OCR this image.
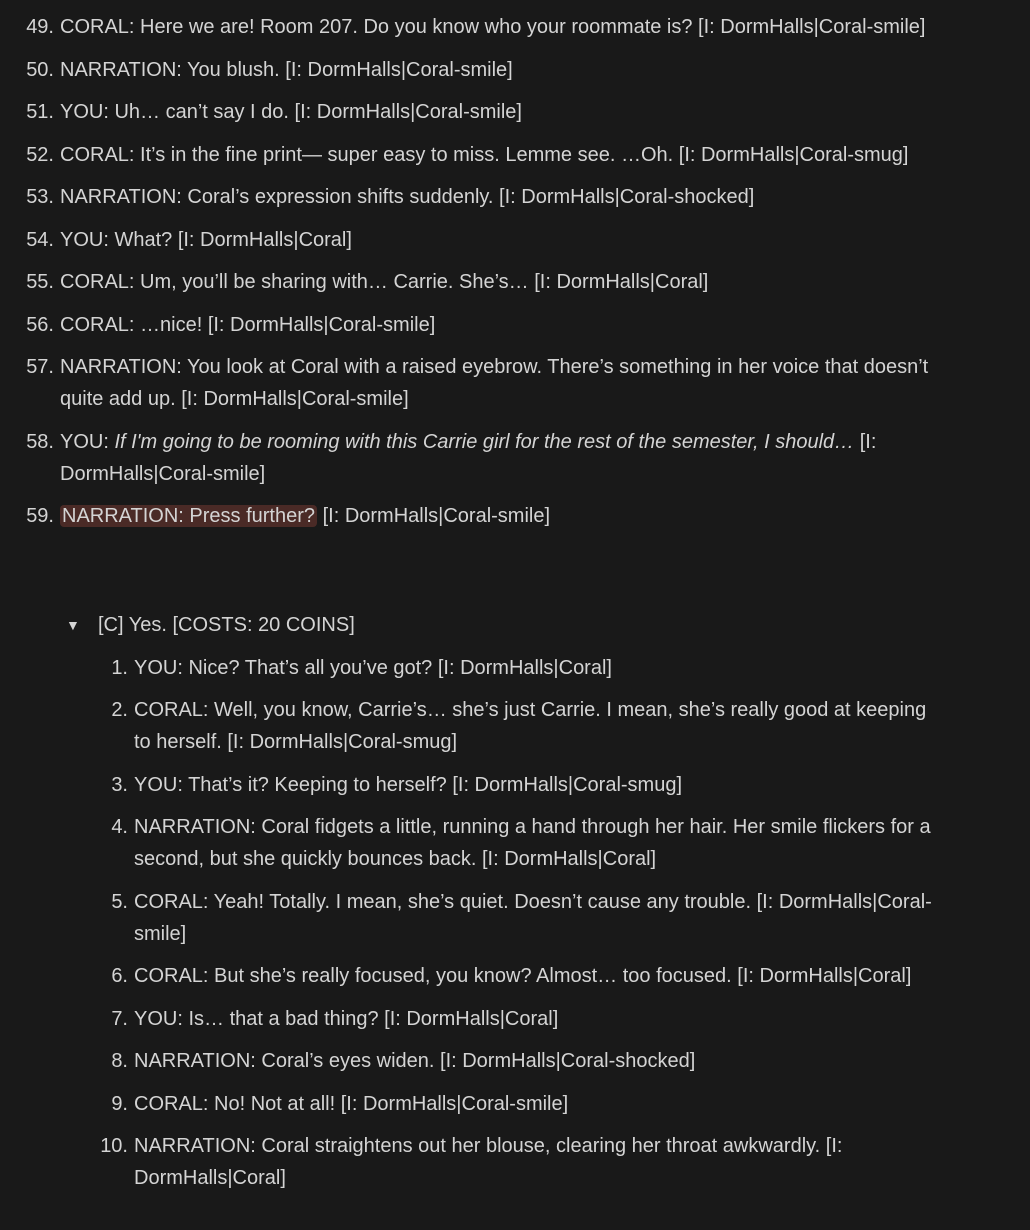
49. CORAL: Here we are! Room 207. Do you know who your roommate is? [I: DormHalls|Coral-smile]
50. NARRATION: You blush. [I: DormHalls|Coral-smile]
51. YOU: Uh… can’t say I do. [I: DormHalls|Coral-smile]
52. CORAL: It’s in the fine print— super easy to miss. Lemme see. …Oh. [I: DormHalls|Coral-smug]
53. NARRATION: Coral’s expression shifts suddenly. [I: DormHalls|Coral-shocked]
54. YOU: What? [I: DormHalls|Coral]
55. CORAL: Um, you’ll be sharing with… Carrie. She’s… [I: DormHalls|Coral]
56. CORAL: …nice! [I: DormHalls|Coral-smile]
57. NARRATION: You look at Coral with a raised eyebrow. There’s something in her voice that doesn’t quite add up. [I: DormHalls|Coral-smile]
58. YOU: If I'm going to be rooming with this Carrie girl for the rest of the semester, I should… [I: DormHalls|Coral-smile]
59. NARRATION: Press further? [I: DormHalls|Coral-smile]
▼ [C] Yes. [COSTS: 20 COINS]
1. YOU: Nice? That’s all you’ve got? [I: DormHalls|Coral]
2. CORAL: Well, you know, Carrie’s… she’s just Carrie. I mean, she’s really good at keeping to herself. [I: DormHalls|Coral-smug]
3. YOU: That’s it? Keeping to herself? [I: DormHalls|Coral-smug]
4. NARRATION: Coral fidgets a little, running a hand through her hair. Her smile flickers for a second, but she quickly bounces back. [I: DormHalls|Coral]
5. CORAL: Yeah! Totally. I mean, she’s quiet. Doesn’t cause any trouble. [I: DormHalls|Coral-smile]
6. CORAL: But she’s really focused, you know? Almost… too focused. [I: DormHalls|Coral]
7. YOU: Is… that a bad thing? [I: DormHalls|Coral]
8. NARRATION: Coral’s eyes widen. [I: DormHalls|Coral-shocked]
9. CORAL: No! Not at all! [I: DormHalls|Coral-smile]
10. NARRATION: Coral straightens out her blouse, clearing her throat awkwardly. [I: DormHalls|Coral]
